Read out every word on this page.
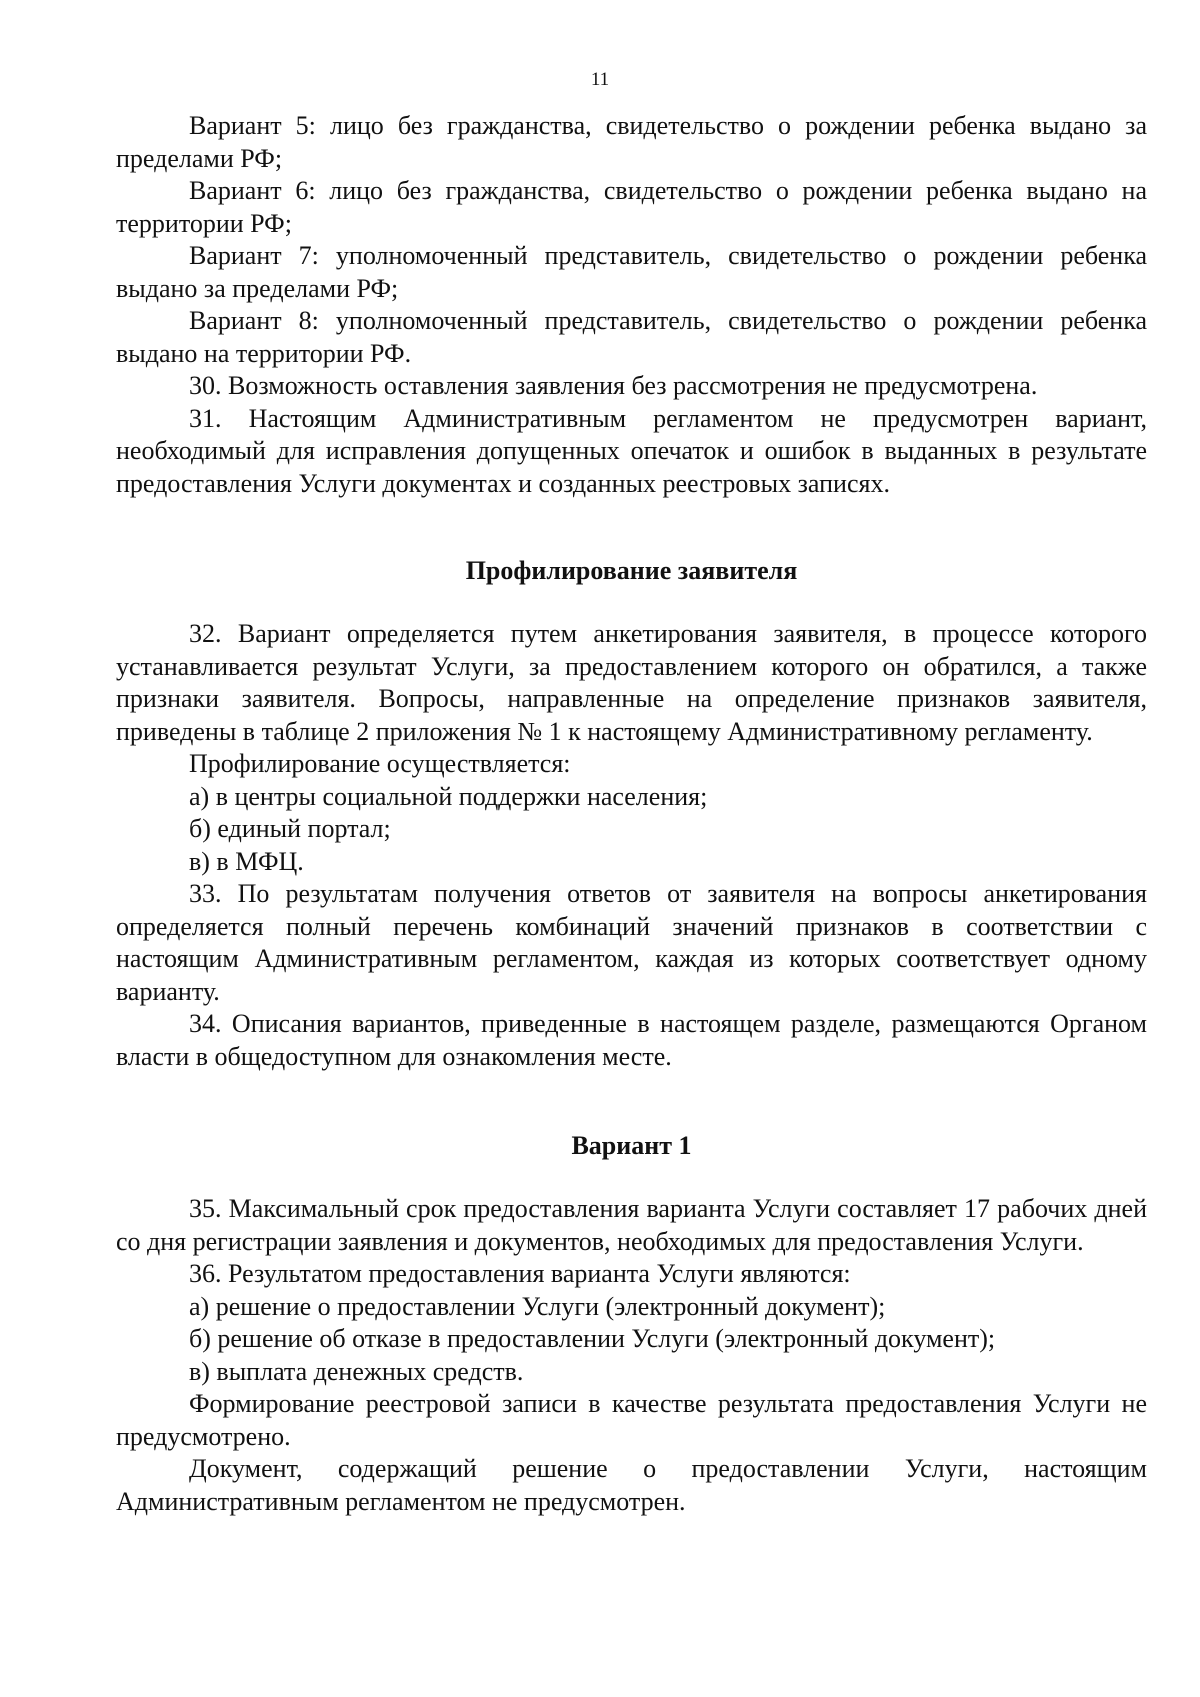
11

Вариант 5: лицо без гражданства, свидетельство о рождении ребенка выдано за пределами РФ;

Вариант 6: лицо без гражданства, свидетельство о рождении ребенка выдано на территории РФ;

Вариант 7: уполномоченный представитель, свидетельство о рождении ребенка выдано за пределами РФ;

Вариант 8: уполномоченный представитель, свидетельство о рождении ребенка выдано на территории РФ.

30. Возможность оставления заявления без рассмотрения не предусмотрена.

31. Настоящим Административным регламентом не предусмотрен вариант, необходимый для исправления допущенных опечаток и ошибок в выданных в результате предоставления Услуги документах и созданных реестровых записях.

Профилирование заявителя

32. Вариант определяется путем анкетирования заявителя, в процессе которого устанавливается результат Услуги, за предоставлением которого он обратился, а также признаки заявителя. Вопросы, направленные на определение признаков заявителя, приведены в таблице 2 приложения № 1 к настоящему Административному регламенту.

Профилирование осуществляется:

а) в центры социальной поддержки населения;

б) единый портал;

в) в МФЦ.

33. По результатам получения ответов от заявителя на вопросы анкетирования определяется полный перечень комбинаций значений признаков в соответствии с настоящим Административным регламентом, каждая из которых соответствует одному варианту.

34. Описания вариантов, приведенные в настоящем разделе, размещаются Органом власти в общедоступном для ознакомления месте.

Вариант 1

35. Максимальный срок предоставления варианта Услуги составляет 17 рабочих дней со дня регистрации заявления и документов, необходимых для предоставления Услуги.

36. Результатом предоставления варианта Услуги являются:

а) решение о предоставлении Услуги (электронный документ);

б) решение об отказе в предоставлении Услуги (электронный документ);

в) выплата денежных средств.

Формирование реестровой записи в качестве результата предоставления Услуги не предусмотрено.

Документ, содержащий решение о предоставлении Услуги, настоящим Административным регламентом не предусмотрен.
